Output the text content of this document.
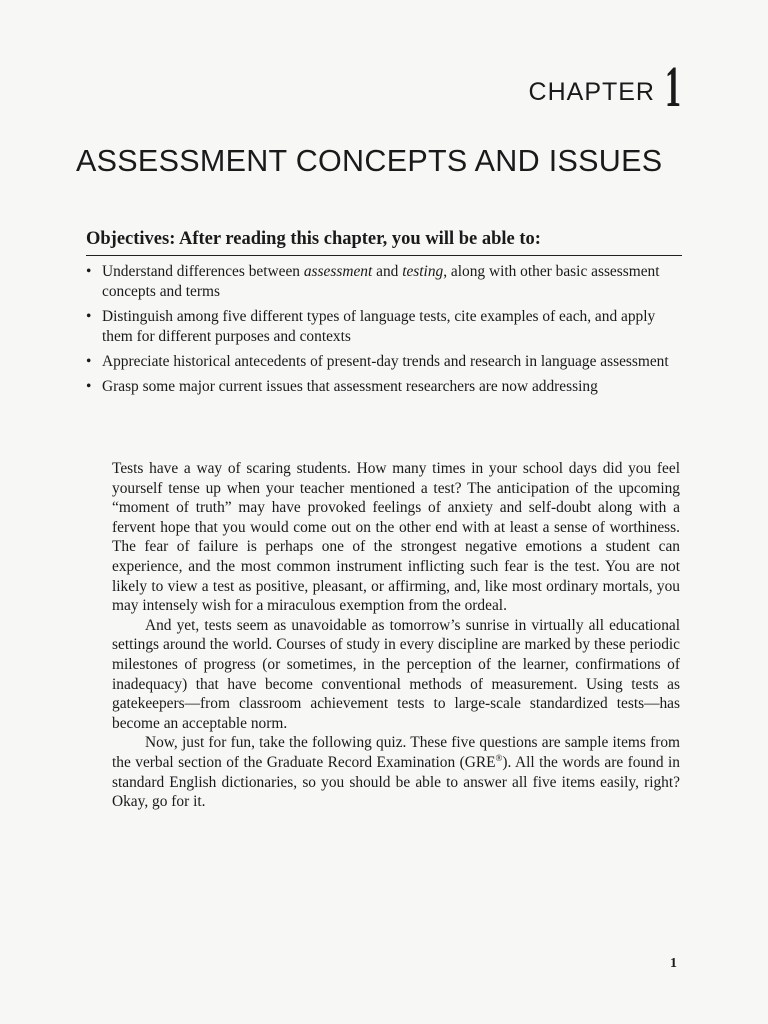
CHAPTER 1
ASSESSMENT CONCEPTS AND ISSUES
Objectives: After reading this chapter, you will be able to:
• Understand differences between assessment and testing, along with other basic assessment concepts and terms
• Distinguish among five different types of language tests, cite examples of each, and apply them for different purposes and contexts
• Appreciate historical antecedents of present-day trends and research in language assessment
• Grasp some major current issues that assessment researchers are now addressing

Tests have a way of scaring students. How many times in your school days did you feel yourself tense up when your teacher mentioned a test? The anticipation of the upcoming “moment of truth” may have provoked feelings of anxiety and self-doubt along with a fervent hope that you would come out on the other end with at least a sense of worthiness. The fear of failure is perhaps one of the strongest negative emotions a student can experience, and the most common instrument inflicting such fear is the test. You are not likely to view a test as positive, pleasant, or affirming, and, like most ordinary mortals, you may intensely wish for a miraculous exemption from the ordeal.

And yet, tests seem as unavoidable as tomorrow’s sunrise in virtually all educational settings around the world. Courses of study in every discipline are marked by these periodic milestones of progress (or sometimes, in the perception of the learner, confirmations of inadequacy) that have become conventional methods of measurement. Using tests as gatekeepers—from classroom achievement tests to large-scale standardized tests—has become an acceptable norm.

Now, just for fun, take the following quiz. These five questions are sample items from the verbal section of the Graduate Record Examination (GRE®). All the words are found in standard English dictionaries, so you should be able to answer all five items easily, right? Okay, go for it.

1
